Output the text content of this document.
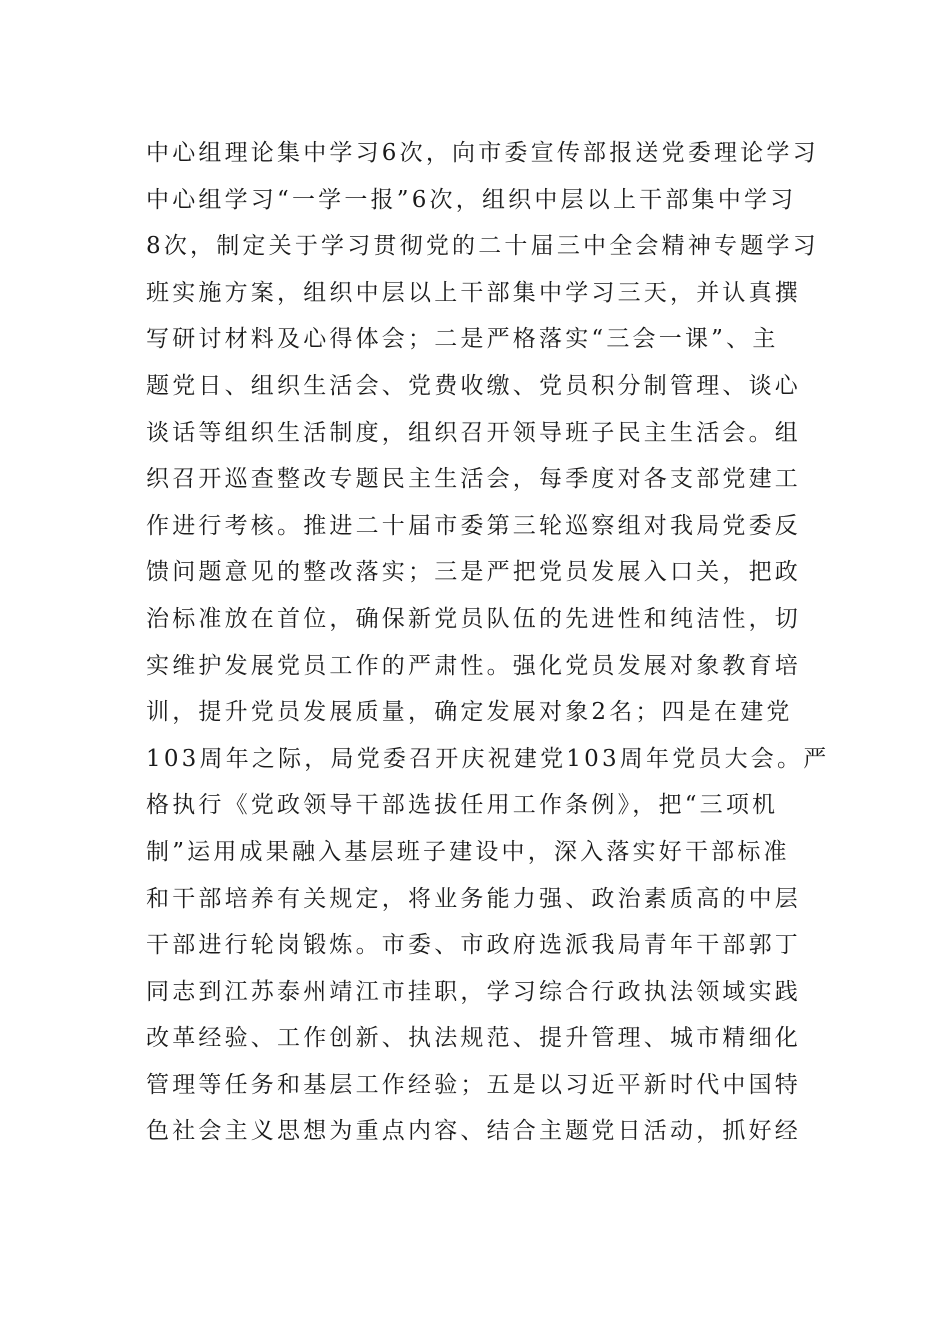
中心组理论集中学习6次，向市委宣传部报送党委理论学习
中心组学习“一学一报”6次，组织中层以上干部集中学习
8次，制定关于学习贯彻党的二十届三中全会精神专题学习
班实施方案，组织中层以上干部集中学习三天，并认真撰
写研讨材料及心得体会；二是严格落实“三会一课”、主
题党日、组织生活会、党费收缴、党员积分制管理、谈心
谈话等组织生活制度，组织召开领导班子民主生活会。组
织召开巡查整改专题民主生活会，每季度对各支部党建工
作进行考核。推进二十届市委第三轮巡察组对我局党委反
馈问题意见的整改落实；三是严把党员发展入口关，把政
治标准放在首位，确保新党员队伍的先进性和纯洁性，切
实维护发展党员工作的严肃性。强化党员发展对象教育培
训，提升党员发展质量，确定发展对象2名；四是在建党
103周年之际，局党委召开庆祝建党103周年党员大会。严
格执行《党政领导干部选拔任用工作条例》，把“三项机
制”运用成果融入基层班子建设中，深入落实好干部标准
和干部培养有关规定，将业务能力强、政治素质高的中层
干部进行轮岗锻炼。市委、市政府选派我局青年干部郭丁
同志到江苏泰州靖江市挂职，学习综合行政执法领域实践
改革经验、工作创新、执法规范、提升管理、城市精细化
管理等任务和基层工作经验；五是以习近平新时代中国特
色社会主义思想为重点内容、结合主题党日活动，抓好经
